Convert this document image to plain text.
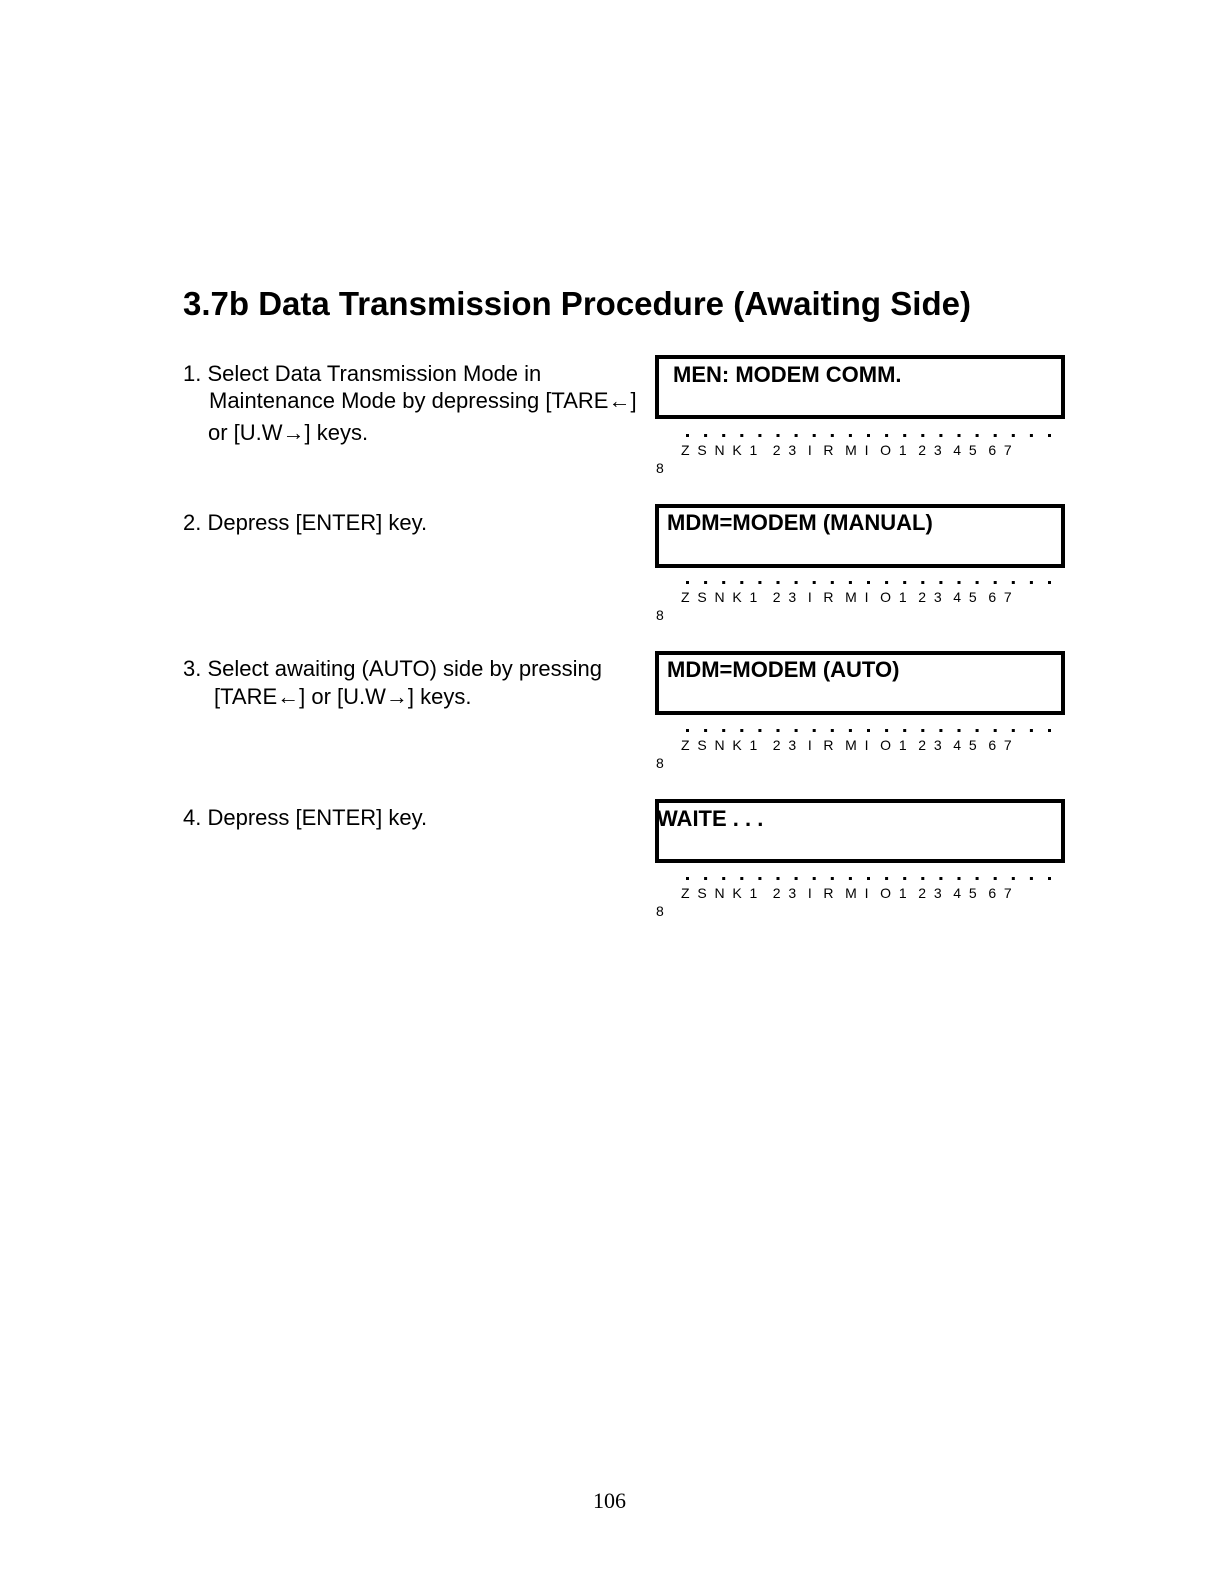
3.7b Data Transmission Procedure (Awaiting Side)
1. Select Data Transmission Mode in
Maintenance Mode by depressing [TARE←]
or [U.W→] keys.
MEN: MODEM COMM.
Z  S  N  K  1    2  3   I   R   M  I   O  1   2  3   4  5   6  7
8
2. Depress [ENTER] key.	MDM=MODEM (MANUAL)
Z  S  N  K  1    2  3   I   R   M  I   O  1   2  3   4  5   6  7
8
3. Select awaiting (AUTO) side by pressing
[TARE←] or [U.W→] keys.
MDM=MODEM (AUTO)
Z  S  N  K  1    2  3   I   R   M  I   O  1   2  3   4  5   6  7
8
4. Depress [ENTER] key.	WAITE . . .
Z  S  N  K  1    2  3   I   R   M  I   O  1   2  3   4  5   6  7
8
106
